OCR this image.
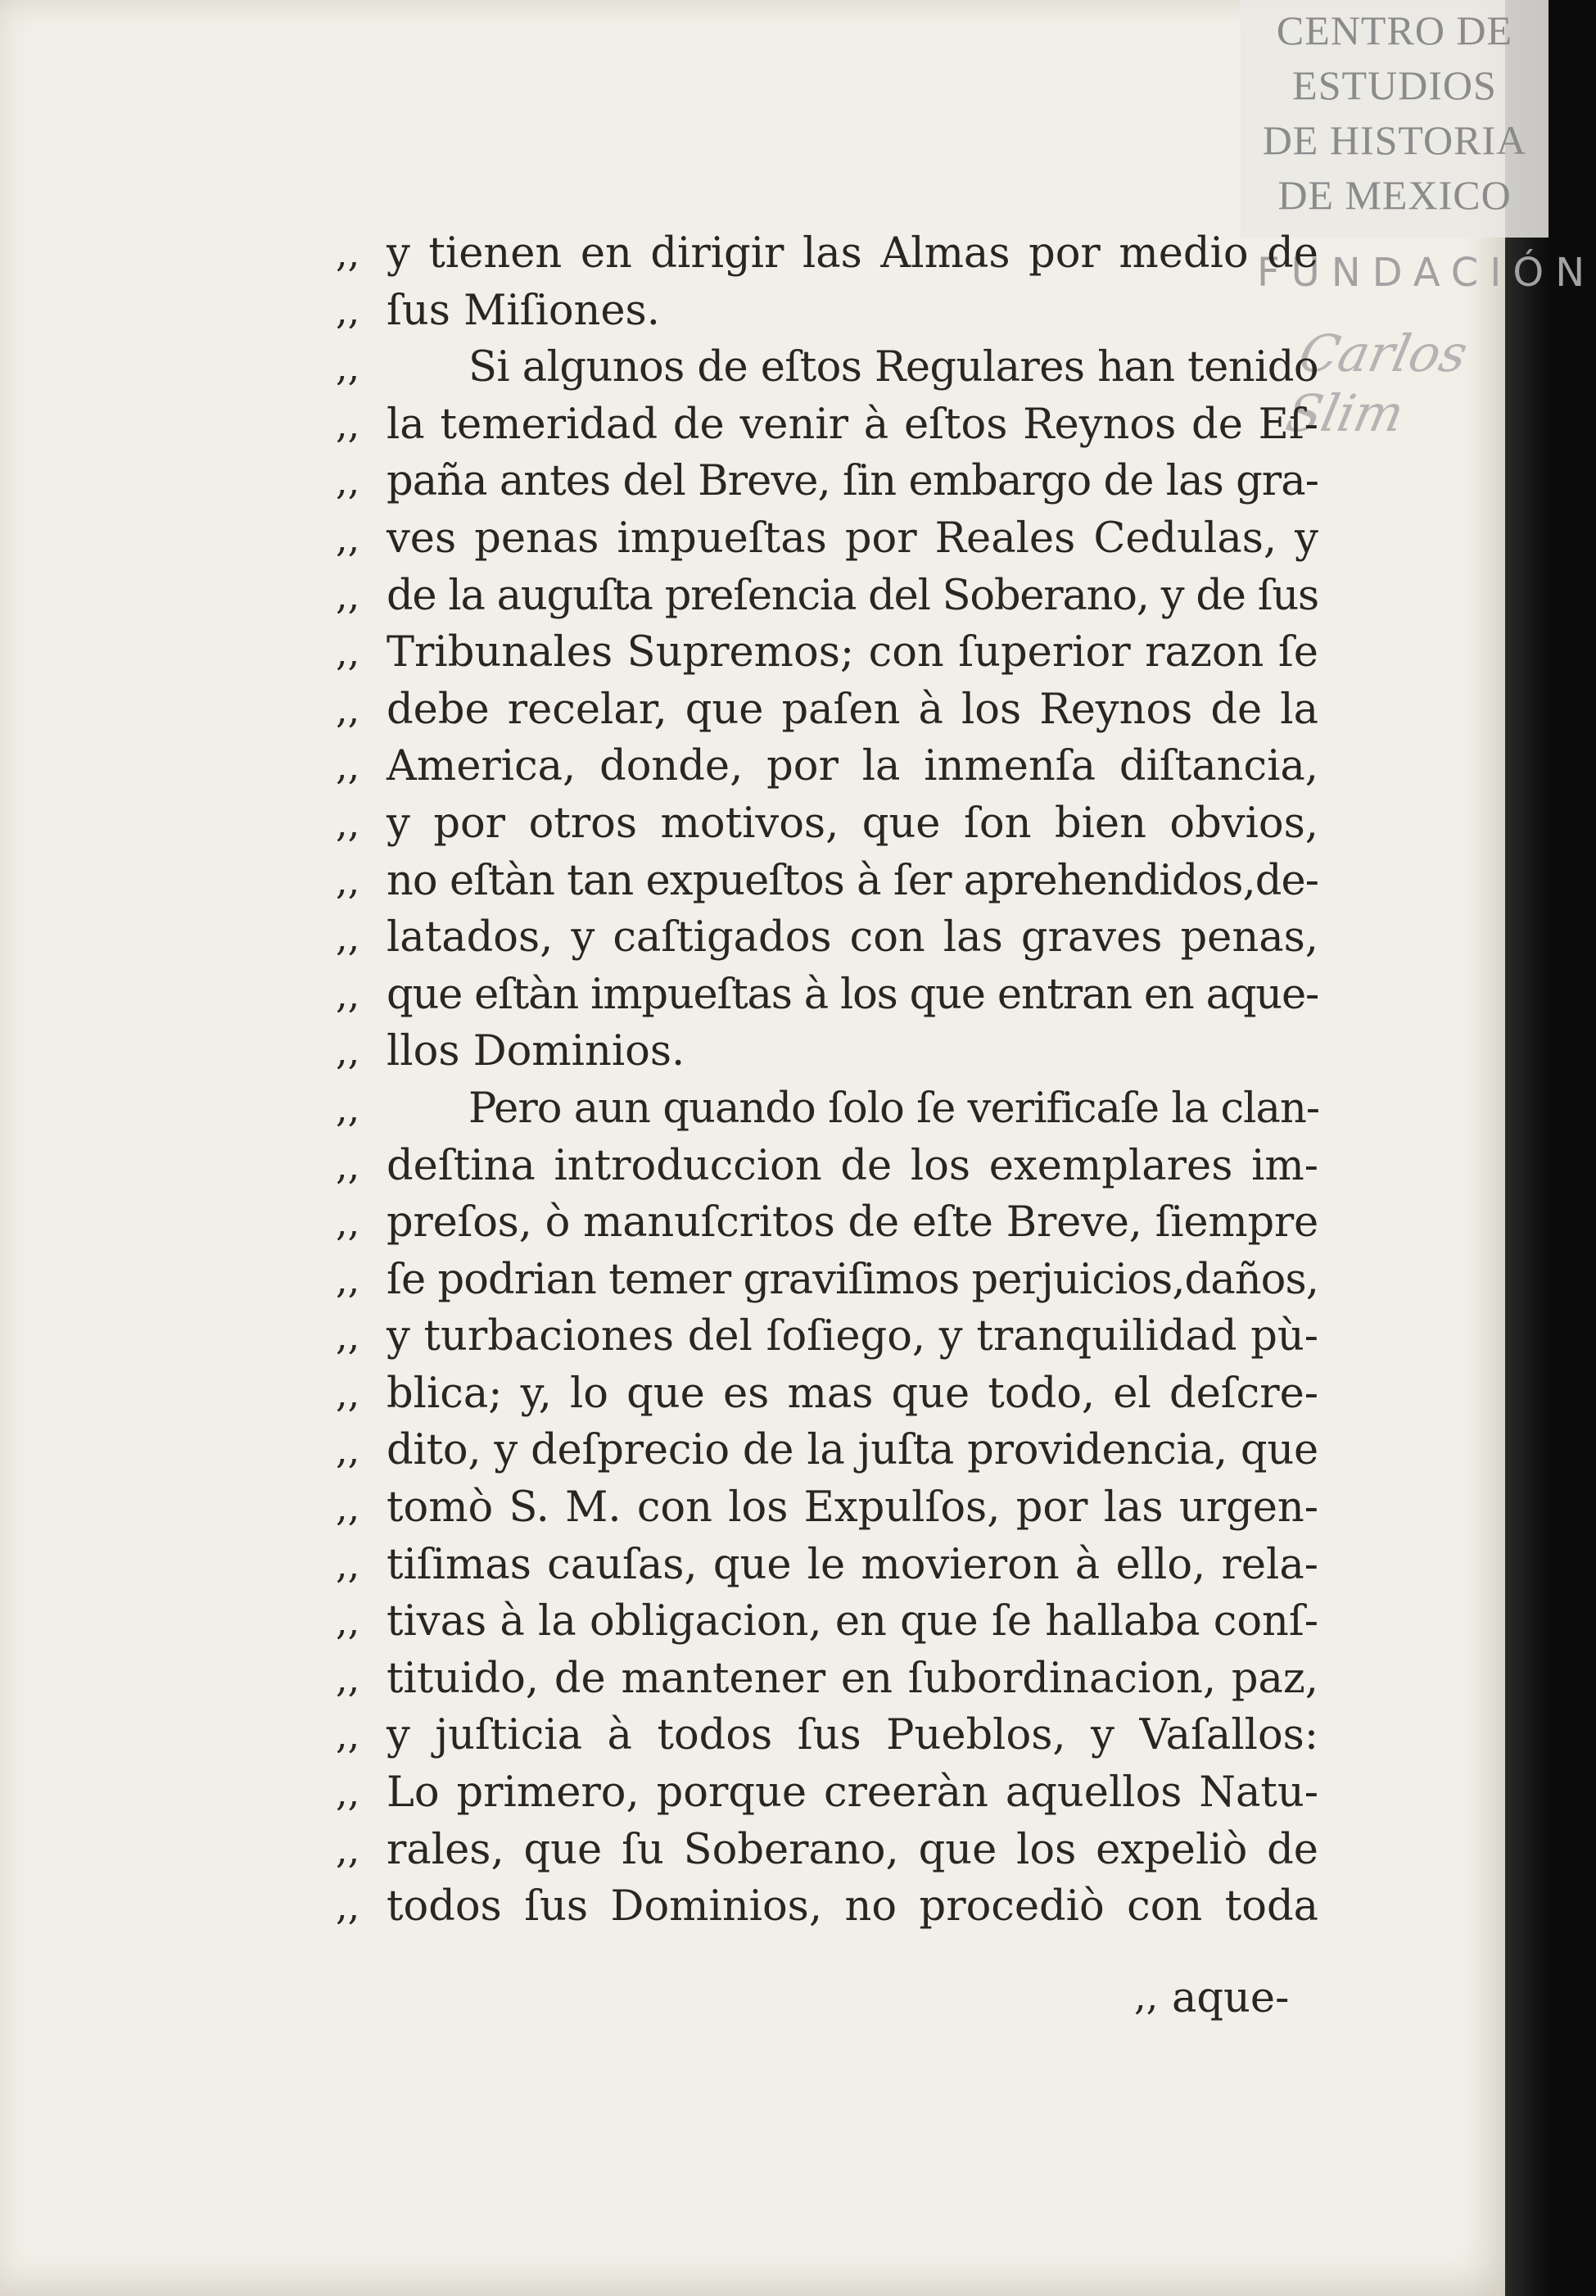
CENTRO DE
ESTUDIOS
DE HISTORIA
DE MEXICO
FUNDACIÓN
Carlos Slim
,, y tienen en dirigir las Almas por medio de
,, ſus Miſiones.
,,	Si algunos de eſtos Regulares han tenido
,, la temeridad de venir à eſtos Reynos de Eſ-
,, paña antes del Breve, ſin embargo de las gra-
,, ves penas impueſtas por Reales Cedulas, y
,, de la auguſta preſencia del Soberano, y de ſus
,, Tribunales Supremos; con ſuperior razon ſe
,, debe recelar, que paſen à los Reynos de la
,, America, donde, por la inmenſa diſtancia,
,, y por otros motivos, que ſon bien obvios,
,, no eſtàn tan expueſtos à ſer aprehendidos,de-
,, latados, y caſtigados con las graves penas,
,, que eſtàn impueſtas à los que entran en aque-
,, llos Dominios.
,,	Pero aun quando ſolo ſe verificaſe la clan-
,, deſtina introduccion de los exemplares im-
,, preſos, ò manuſcritos de eſte Breve, ſiempre
,, ſe podrian temer graviſimos perjuicios,daños,
,, y turbaciones del ſoſiego, y tranquilidad pù-
,, blica; y, lo que es mas que todo, el deſcre-
,, dito, y deſprecio de la juſta providencia, que
,, tomò S. M. con los Expulſos, por las urgen-
,, tiſimas cauſas, que le movieron à ello, rela-
,, tivas à la obligacion, en que ſe hallaba conſ-
,, tituido, de mantener en ſubordinacion, paz,
,, y juſticia à todos ſus Pueblos, y Vaſallos:
,, Lo primero, porque creeràn aquellos Natu-
,, rales, que ſu Soberano, que los expeliò de
,, todos ſus Dominios, no procediò con toda
,, aque-
